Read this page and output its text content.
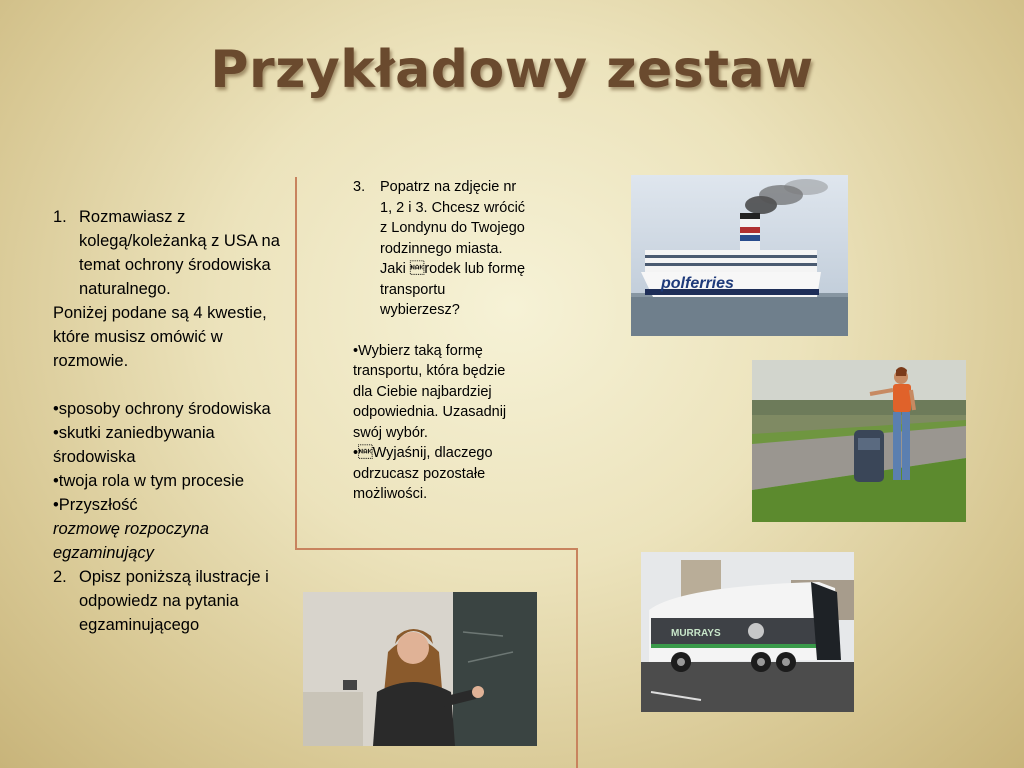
Przykładowy zestaw
1. Rozmawiasz z kolegą/koleżanką z USA na temat ochrony środowiska naturalnego.
Poniżej podane są 4 kwestie, które musisz omówić w rozmowie.
•sposoby ochrony środowiska
•skutki zaniedbywania środowiska
•twoja rola w tym procesie
•Przyszłość
rozmowę rozpoczyna egzaminujący
2. Opisz poniższą ilustracje i odpowiedz na pytania egzaminującego
3.	Popatrz na zdjęcie nr 1, 2 i 3. Chcesz wrócić z Londynu do Twojego rodzinnego miasta. Jaki rodek lub formę transportu wybierzesz?
•Wybierz taką formę transportu, która będzie dla Ciebie najbardziej odpowiednia. Uzasadnij swój wybór.
•Wyjaśnij, dlaczego odrzucasz pozostałe możliwości.
polferries
MURRAYS
